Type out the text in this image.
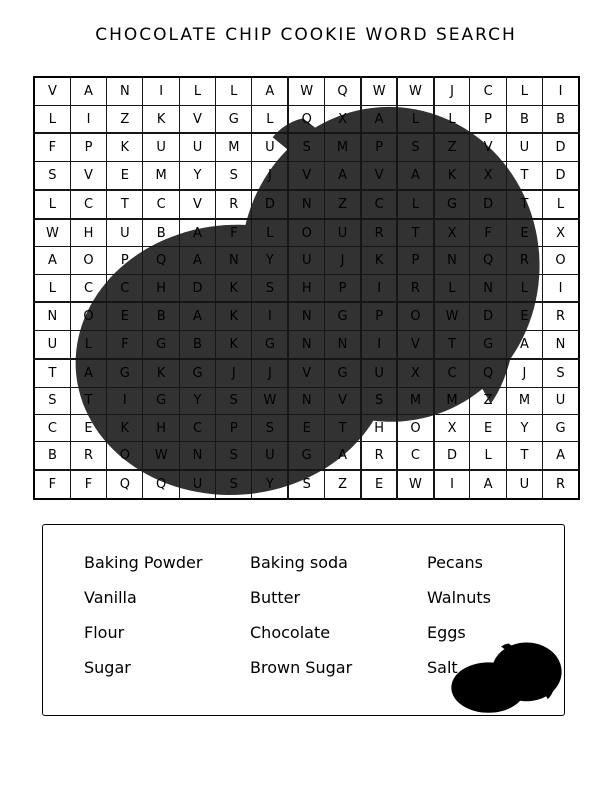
CHOCOLATE CHIP COOKIE WORD SEARCH
V	A	N	I	L	L	A	W	Q	W	W	J	C	L	I
L	I	Z	K	V	G	L	Q	X	A	L	L	P	B	B
F	P	K	U	U	M	U	S	M	P	S	Z	V	U	D
S	V	E	M	Y	S	J	V	A	V	A	K	X	T	D
L	C	T	C	V	R	D	N	Z	C	L	G	D	T	L
W	H	U	B	A	F	L	O	U	R	T	X	F	E	X
A	O	P	Q	A	N	Y	U	J	K	P	N	Q	R	O
L	C	C	H	D	K	S	H	P	I	R	L	N	L	I
N	O	E	B	A	K	I	N	G	P	O	W	D	E	R
U	L	F	G	B	K	G	N	N	I	V	T	G	A	N
T	A	G	K	G	J	J	V	G	U	X	C	Q	J	S
S	T	I	G	Y	S	W	N	V	S	M	M	Z	M	U
C	E	K	H	C	P	S	E	T	H	O	X	E	Y	G
B	R	O	W	N	S	U	G	A	R	C	D	L	T	A
F	F	Q	Q	U	S	Y	S	Z	E	W	I	A	U	R
Baking Powder
Vanilla
Flour
Sugar
Baking soda
Butter
Chocolate
Brown Sugar
Pecans
Walnuts
Eggs
Salt
